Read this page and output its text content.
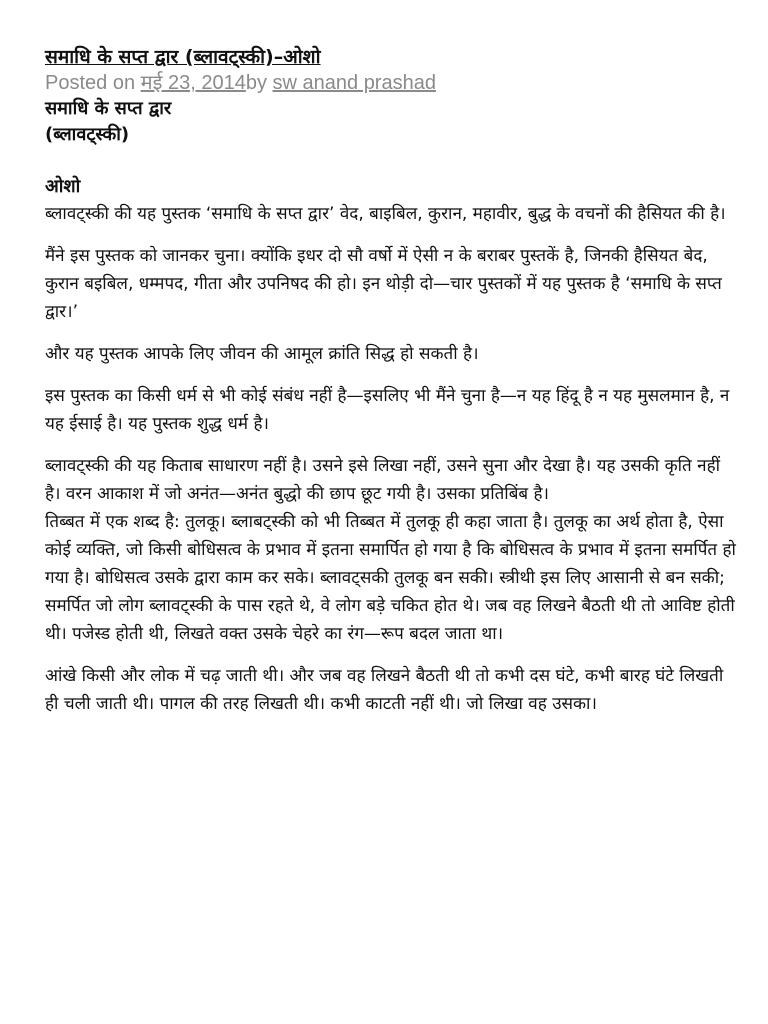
समाधि के सप्त द्वार (ब्लावट्स्की)–ओशो

Posted on मई 23, 2014by sw anand prashad

समाधि के सप्त द्वार

(ब्लावट्स्की)

ओशो

ब्लावट्स्की की यह पुस्तक ‘समाधि के सप्त द्वार’ वेद, बाइबिल, कुरान, महावीर, बुद्ध के वचनों की हैसियत की है।

मैंने इस पुस्तक को जानकर चुना। क्योंकि इधर दो सौ वर्षो में ऐसी न के बराबर पुस्तकें है, जिनकी हैसियत बेद, कुरान बइबिल, धम्मपद, गीता और उपनिषद की हो। इन थोड़ी दो—चार पुस्तकों में यह पुस्तक है ‘समाधि के सप्त द्वार।’

और यह पुस्तक आपके लिए जीवन की आमूल क्रांति सिद्ध हो सकती है।

इस पुस्तक का किसी धर्म से भी कोई संबंध नहीं है—इसलिए भी मैंने चुना है—न यह हिंदू है न यह मुसलमान है, न यह ईसाई है। यह पुस्तक शुद्ध धर्म है।

ब्लावट्स्की की यह किताब साधारण नहीं है। उसने इसे लिखा नहीं, उसने सुना और देखा है। यह उसकी कृति नहीं है। वरन आकाश में जो अनंत—अनंत बुद्धो की छाप छूट गयी है। उसका प्रतिबिंब है।

तिब्बत में एक शब्द है: तुलकू। ब्लाबट्स्की को भी तिब्बत में तुलकू ही कहा जाता है। तुलकू का अर्थ होता है, ऐसा कोई व्यक्ति, जो किसी बोधिसत्व के प्रभाव में इतना समार्पित हो गया है कि बोधिसत्व के प्रभाव में इतना समर्पित हो गया है। बोधिसत्व उसके द्वारा काम कर सके। ब्लावट्सकी तुलकू बन सकी। स्त्रीथी इस लिए आसानी से बन सकी; समर्पित जो लोग ब्लावट्स्की के पास रहते थे, वे लोग बड़े चकित होत थे। जब वह लिखने बैठती थी तो आविष्ट होती थी। पजेस्ड होती थी, लिखते वक्त उसके चेहरे का रंग—रूप बदल जाता था।

आंखे किसी और लोक में चढ़ जाती थी। और जब वह लिखने बैठती थी तो कभी दस घंटे, कभी बारह घंटे लिखती ही चली जाती थी। पागल की तरह लिखती थी। कभी काटती नहीं थी। जो लिखा वह उसका।
